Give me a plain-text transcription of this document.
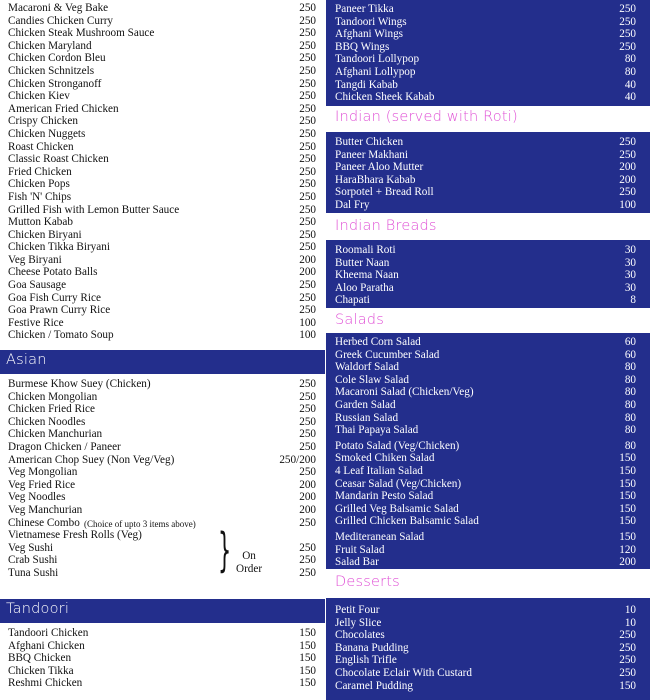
Macaroni & Veg Bake	250
Candies Chicken Curry	250
Chicken Steak Mushroom Sauce	250
Chicken Maryland	250
Chicken Cordon Bleu	250
Chicken Schnitzels	250
Chicken Stronganoff	250
Chicken Kiev	250
American Fried Chicken	250
Crispy Chicken	250
Chicken Nuggets	250
Roast Chicken	250
Classic Roast Chicken	250
Fried Chicken	250
Chicken Pops	250
Fish 'N' Chips	250
Grilled Fish with Lemon Butter Sauce	250
Mutton Kabab	250
Chicken Biryani	250
Chicken Tikka Biryani	250
Veg Biryani	200
Cheese Potato Balls	200
Goa Sausage	250
Goa Fish Curry Rice	250
Goa Prawn Curry Rice	250
Festive Rice	100
Chicken / Tomato Soup	100
Asian
Burmese Khow Suey (Chicken)	250
Chicken Mongolian	250
Chicken Fried Rice	250
Chicken Noodles	250
Chicken Manchurian	250
Dragon Chicken / Paneer	250
American Chop Suey (Non Veg/Veg)	250/200
Veg Mongolian	250
Veg Fried Rice	200
Veg Noodles	200
Veg Manchurian	200
Chinese Combo (Choice of upto 3 items above)	250
Vietnamese Fresh Rolls (Veg)
Veg Sushi	250
Crab Sushi	250
Tuna Sushi	250
} On
Order
Tandoori
Tandoori Chicken	150
Afghani Chicken	150
BBQ Chicken	150
Chicken Tikka	150
Reshmi Chicken	150
Paneer Tikka	250
Tandoori Wings	250
Afghani Wings	250
BBQ Wings	250
Tandoori Lollypop	80
Afghani Lollypop	80
Tangdi Kabab	40
Chicken Sheek Kabab	40
Indian (served with Roti)
Butter Chicken	250
Paneer Makhani	250
Paneer Aloo Mutter	200
HaraBhara Kabab	200
Sorpotel + Bread Roll	250
Dal Fry	100
Indian Breads
Roomali Roti	30
Butter Naan	30
Kheema Naan	30
Aloo Paratha	30
Chapati	8
Salads
Herbed Corn Salad	60
Greek Cucumber Salad	60
Waldorf Salad	80
Cole Slaw Salad	80
Macaroni Salad (Chicken/Veg)	80
Garden Salad	80
Russian Salad	80
Thai Papaya Salad	80
Potato Salad (Veg/Chicken)	80
Smoked Chiken Salad	150
4 Leaf Italian Salad	150
Ceasar Salad (Veg/Chicken)	150
Mandarin Pesto Salad	150
Grilled Veg Balsamic Salad	150
Grilled Chicken Balsamic Salad	150
Mediteranean Salad	150
Fruit Salad	120
Salad Bar	200
Desserts
Petit Four	10
Jelly Slice	10
Chocolates	250
Banana Pudding	250
English Trifle	250
Chocolate Eclair With Custard	250
Caramel Pudding	150
